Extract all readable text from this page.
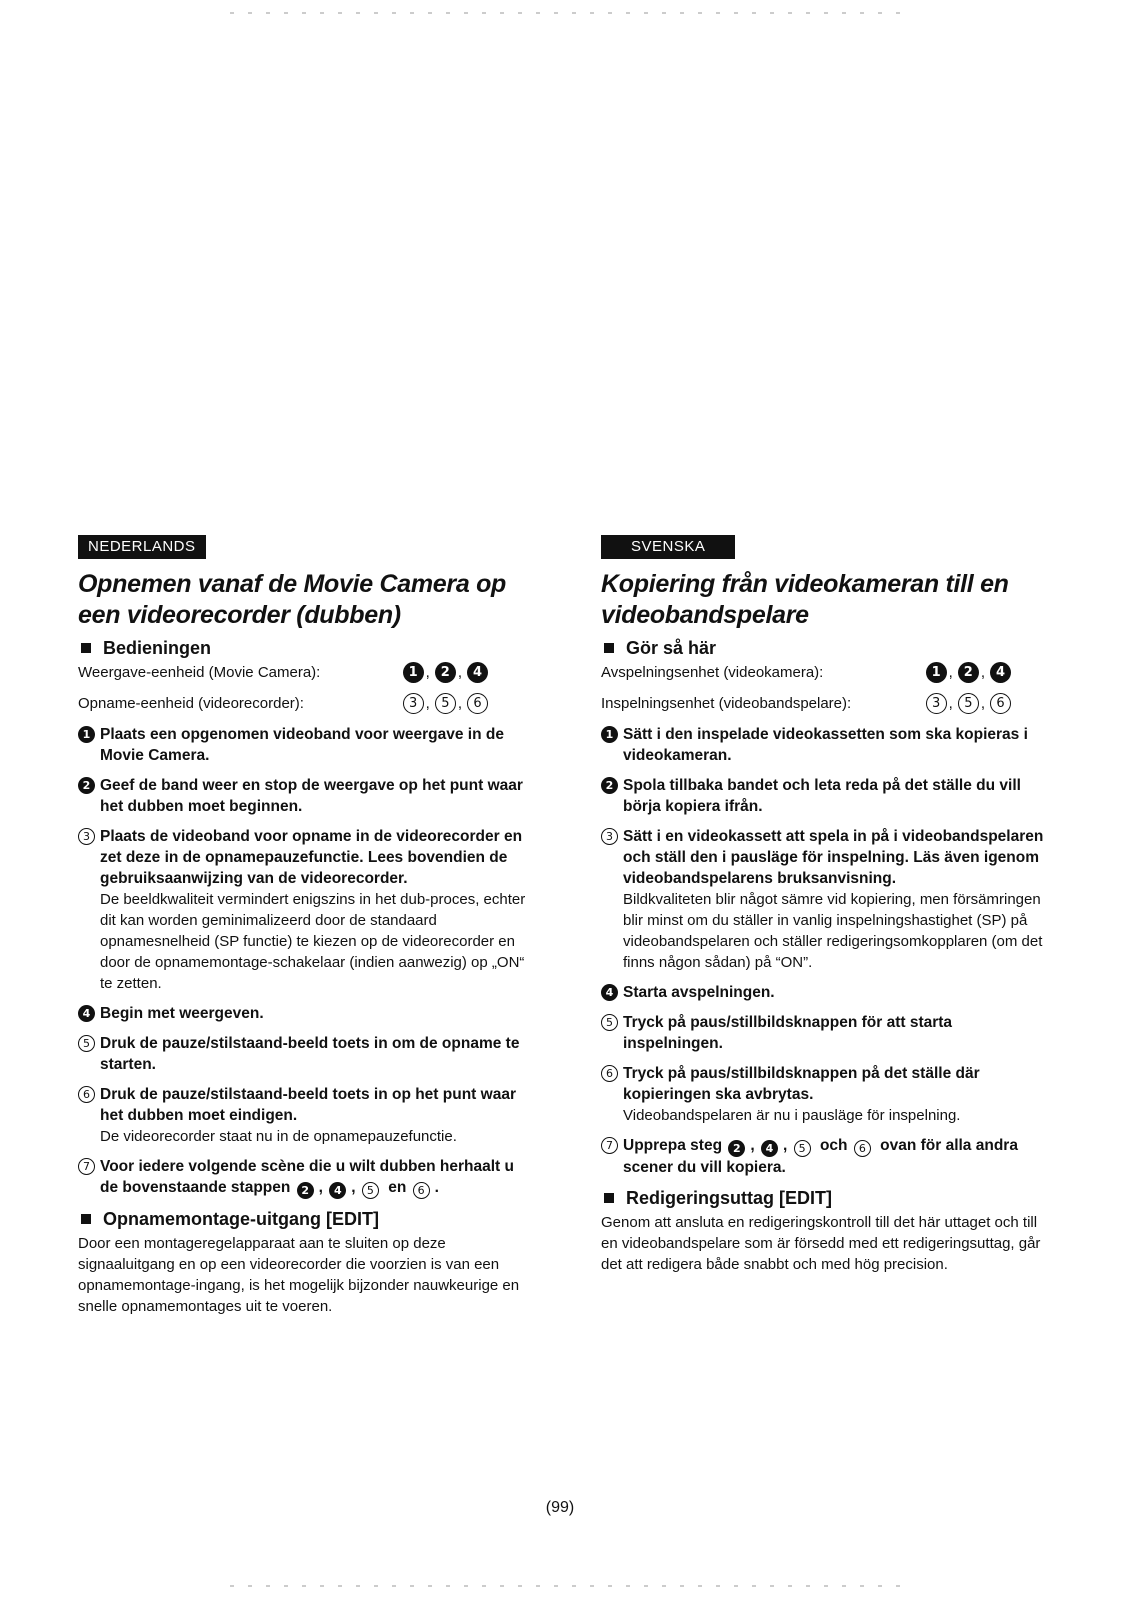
NEDERLANDS
Opnemen vanaf de Movie Camera op een videorecorder (dubben)
Bedieningen
Weergave-eenheid (Movie Camera):	1 , 2 , 4
Opname-eenheid (videorecorder):	3 , 5 , 6
1 Plaats een opgenomen videoband voor weergave in de Movie Camera.
2 Geef de band weer en stop de weergave op het punt waar het dubben moet beginnen.
3 Plaats de videoband voor opname in de videorecorder en zet deze in de opnamepauzefunctie. Lees bovendien de gebruiksaanwijzing van de videorecorder.
De beeldkwaliteit vermindert enigszins in het dub-proces, echter dit kan worden geminimalizeerd door de standaard opnamesnelheid (SP functie) te kiezen op de videorecorder en door de opnamemontage-schakelaar (indien aanwezig) op „ON“ te zetten.
4 Begin met weergeven.
5 Druk de pauze/stilstaand-beeld toets in om de opname te starten.
6 Druk de pauze/stilstaand-beeld toets in op het punt waar het dubben moet eindigen.
De videorecorder staat nu in de opnamepauzefunctie.
7 Voor iedere volgende scène die u wilt dubben herhaalt u de bovenstaande stappen 2 , 4 , 5 en 6 .
Opnamemontage-uitgang [EDIT]
Door een montageregelapparaat aan te sluiten op deze signaaluitgang en op een videorecorder die voorzien is van een opnamemontage-ingang, is het mogelijk bijzonder nauwkeurige en snelle opnamemontages uit te voeren.
SVENSKA
Kopiering från videokameran till en videobandspelare
Gör så här
Avspelningsenhet (videokamera):	1 , 2 , 4
Inspelningsenhet (videobandspelare):	3 , 5 , 6
1 Sätt i den inspelade videokassetten som ska kopieras i videokameran.
2 Spola tillbaka bandet och leta reda på det ställe du vill börja kopiera ifrån.
3 Sätt i en videokassett att spela in på i videobandspelaren och ställ den i pausläge för inspelning. Läs även igenom videobandspelarens bruksanvisning.
Bildkvaliteten blir något sämre vid kopiering, men försämringen blir minst om du ställer in vanlig inspelningshastighet (SP) på videobandspelaren och ställer redigeringsomkopplaren (om det finns någon sådan) på “ON”.
4 Starta avspelningen.
5 Tryck på paus/stillbildsknappen för att starta inspelningen.
6 Tryck på paus/stillbildsknappen på det ställe där kopieringen ska avbrytas.
Videobandspelaren är nu i pausläge för inspelning.
7 Upprepa steg 2 , 4 , 5 och 6 ovan för alla andra scener du vill kopiera.
Redigeringsuttag [EDIT]
Genom att ansluta en redigeringskontroll till det här uttaget och till en videobandspelare som är försedd med ett redigeringsuttag, går det att redigera både snabbt och med hög precision.
(99)
